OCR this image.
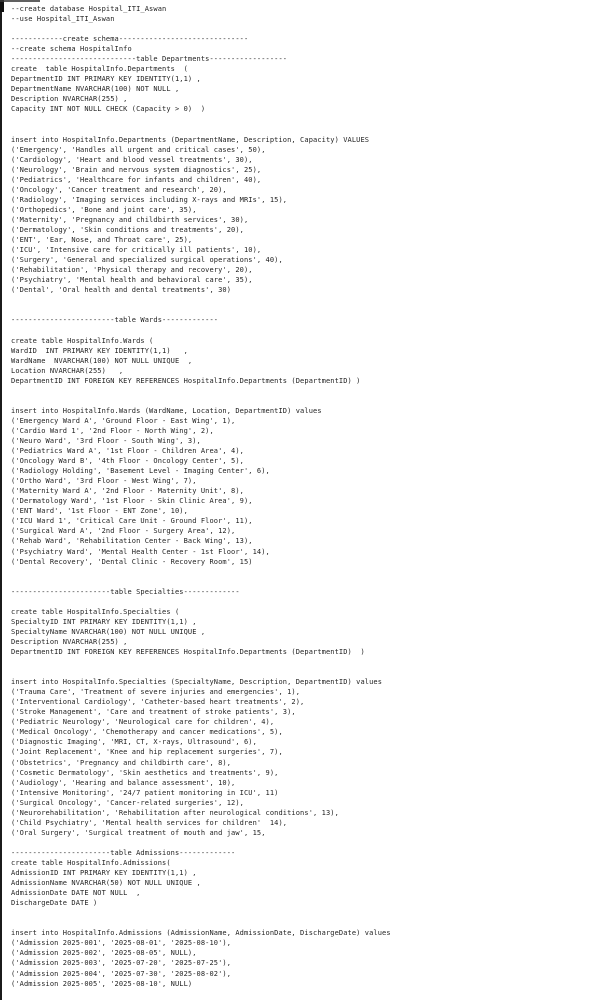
--create database Hospital_ITI_Aswan
--use Hospital_ITI_Aswan

------------create schema------------------------------
--create schema HospitalInfo
-----------------------------table Departments------------------
create  table HospitalInfo.Departments  (
DepartmentID INT PRIMARY KEY IDENTITY(1,1) ,
DepartmentName NVARCHAR(100) NOT NULL ,
Description NVARCHAR(255) ,
Capacity INT NOT NULL CHECK (Capacity > 0)  )

insert into HospitalInfo.Departments (DepartmentName, Description, Capacity) VALUES
('Emergency', 'Handles all urgent and critical cases', 50),
('Cardiology', 'Heart and blood vessel treatments', 30),
('Neurology', 'Brain and nervous system diagnostics', 25),
('Pediatrics', 'Healthcare for infants and children', 40),
('Oncology', 'Cancer treatment and research', 20),
('Radiology', 'Imaging services including X-rays and MRIs', 15),
('Orthopedics', 'Bone and joint care', 35),
('Maternity', 'Pregnancy and childbirth services', 30),
('Dermatology', 'Skin conditions and treatments', 20),
('ENT', 'Ear, Nose, and Throat care', 25),
('ICU', 'Intensive care for critically ill patients', 10),
('Surgery', 'General and specialized surgical operations', 40),
('Rehabilitation', 'Physical therapy and recovery', 20),
('Psychiatry', 'Mental health and behavioral care', 35),
('Dental', 'Oral health and dental treatments', 30)

------------------------table Wards-------------

create table HospitalInfo.Wards (
WardID  INT PRIMARY KEY IDENTITY(1,1)   ,
WardName  NVARCHAR(100) NOT NULL UNIQUE  ,
Location NVARCHAR(255)   ,
DepartmentID INT FOREIGN KEY REFERENCES HospitalInfo.Departments (DepartmentID) )

insert into HospitalInfo.Wards (WardName, Location, DepartmentID) values
('Emergency Ward A', 'Ground Floor - East Wing', 1),
('Cardio Ward 1', '2nd Floor - North Wing', 2),
('Neuro Ward', '3rd Floor - South Wing', 3),
('Pediatrics Ward A', '1st Floor - Children Area', 4),
('Oncology Ward B', '4th Floor - Oncology Center', 5),
('Radiology Holding', 'Basement Level - Imaging Center', 6),
('Ortho Ward', '3rd Floor - West Wing', 7),
('Maternity Ward A', '2nd Floor - Maternity Unit', 8),
('Dermatology Ward', '1st Floor - Skin Clinic Area', 9),
('ENT Ward', '1st Floor - ENT Zone', 10),
('ICU Ward 1', 'Critical Care Unit - Ground Floor', 11),
('Surgical Ward A', '2nd Floor - Surgery Area', 12),
('Rehab Ward', 'Rehabilitation Center - Back Wing', 13),
('Psychiatry Ward', 'Mental Health Center - 1st Floor', 14),
('Dental Recovery', 'Dental Clinic - Recovery Room', 15)

-----------------------table Specialties-------------

create table HospitalInfo.Specialties (
SpecialtyID INT PRIMARY KEY IDENTITY(1,1) ,
SpecialtyName NVARCHAR(100) NOT NULL UNIQUE ,
Description NVARCHAR(255) ,
DepartmentID INT FOREIGN KEY REFERENCES HospitalInfo.Departments (DepartmentID)  )

insert into HospitalInfo.Specialties (SpecialtyName, Description, DepartmentID) values
('Trauma Care', 'Treatment of severe injuries and emergencies', 1),
('Interventional Cardiology', 'Catheter-based heart treatments', 2),
('Stroke Management', 'Care and treatment of stroke patients', 3),
('Pediatric Neurology', 'Neurological care for children', 4),
('Medical Oncology', 'Chemotherapy and cancer medications', 5),
('Diagnostic Imaging', 'MRI, CT, X-rays, Ultrasound', 6),
('Joint Replacement', 'Knee and hip replacement surgeries', 7),
('Obstetrics', 'Pregnancy and childbirth care', 8),
('Cosmetic Dermatology', 'Skin aesthetics and treatments', 9),
('Audiology', 'Hearing and balance assessment', 10),
('Intensive Monitoring', '24/7 patient monitoring in ICU', 11)
('Surgical Oncology', 'Cancer-related surgeries', 12),
('Neurorehabilitation', 'Rehabilitation after neurological conditions', 13),
('Child Psychiatry', 'Mental health services for children'  14),
('Oral Surgery', 'Surgical treatment of mouth and jaw', 15,

-----------------------table Admissions-------------
create table HospitalInfo.Admissions(
AdmissionID INT PRIMARY KEY IDENTITY(1,1) ,
AdmissionName NVARCHAR(50) NOT NULL UNIQUE ,
AdmissionDate DATE NOT NULL  ,
DischargeDate DATE )

insert into HospitalInfo.Admissions (AdmissionName, AdmissionDate, DischargeDate) values
('Admission 2025-001', '2025-08-01', '2025-08-10'),
('Admission 2025-002', '2025-08-05', NULL),
('Admission 2025-003', '2025-07-20', '2025-07-25'),
('Admission 2025-004', '2025-07-30', '2025-08-02'),
('Admission 2025-005', '2025-08-10', NULL)
